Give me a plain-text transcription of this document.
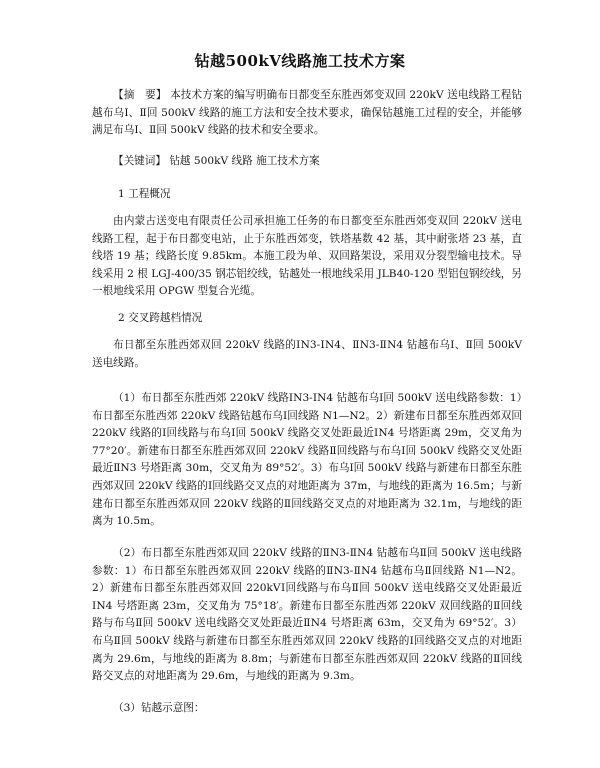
钻越500kV线路施工技术方案

【摘　要】 本技术方案的编写明确布日都变至东胜西郊变双回 220kV 送电线路工程钻越布乌Ⅰ、Ⅱ回 500kV 线路的施工方法和安全技术要求，确保钻越施工过程的安全，并能够满足布乌Ⅰ、Ⅱ回 500kV 线路的技术和安全要求。

【关键词】 钻越 500kV 线路 施工技术方案

1 工程概况

由内蒙古送变电有限责任公司承担施工任务的布日都变至东胜西郊变双回 220kV 送电线路工程，起于布日都变电站，止于东胜西郊变，铁塔基数 42 基，其中耐张塔 23 基，直线塔 19 基；线路长度 9.85km。本施工段为单、双回路架设，采用双分裂型输电技术。导线采用 2 根 LGJ-400/35 钢芯铝绞线，钻越处一根地线采用 JLB40-120 型铝包钢绞线，另一根地线采用 OPGW 型复合光缆。

2 交叉跨越档情况

布日都至东胜西郊双回 220kV 线路的ⅠN3-ⅠN4、ⅡN3-ⅡN4 钻越布乌Ⅰ、Ⅱ回 500kV 送电线路。

（1）布日都至东胜西郊 220kV 线路ⅠN3-ⅠN4 钻越布乌Ⅰ回 500kV 送电线路参数：1）布日都至东胜西郊 220kV 线路钻越布乌Ⅰ回线路 N1—N2。2）新建布日都至东胜西郊双回 220kV 线路的Ⅰ回线路与布乌Ⅰ回 500kV 线路交叉处距最近ⅠN4 号塔距离 29m，交叉角为 77°20′。新建布日都至东胜西郊双回 220kV 线路Ⅱ回线路与布乌Ⅰ回 500kV 线路交叉处距最近ⅡN3 号塔距离 30m，交叉角为 89°52′。3）布乌Ⅰ回 500kV 线路与新建布日都至东胜西郊双回 220kV 线路的Ⅰ回线路交叉点的对地距离为 37m，与地线的距离为 16.5m；与新建布日都至东胜西郊双回 220kV 线路的Ⅱ回线路交叉点的对地距离为 32.1m，与地线的距离为 10.5m。

（2）布日都至东胜西郊双回 220kV 线路的ⅡN3-ⅡN4 钻越布乌Ⅱ回 500kV 送电线路参数：1）布日都至东胜西郊双回 220kV 线路的ⅡN3-ⅡN4 钻越布乌Ⅱ回线路 N1—N2。2）新建布日都至东胜西郊双回 220kVⅠ回线路与布乌Ⅱ回 500kV 送电线路交叉处距最近ⅠN4 号塔距离 23m，交叉角为 75°18′。新建布日都至东胜西郊 220kV 双回线路的Ⅱ回线路与布乌Ⅱ回 500kV 送电线路交叉处距最近ⅡN4 号塔距离 63m，交叉角为 69°52′。3）布乌Ⅱ回 500kV 线路与新建布日都至东胜西郊双回 220kV 线路的Ⅰ回线路交叉点的对地距离为 29.6m，与地线的距离为 8.8m；与新建布日都至东胜西郊双回 220kV 线路的Ⅱ回线路交叉点的对地距离为 29.6m，与地线的距离为 9.3m。

（3）钻越示意图：
